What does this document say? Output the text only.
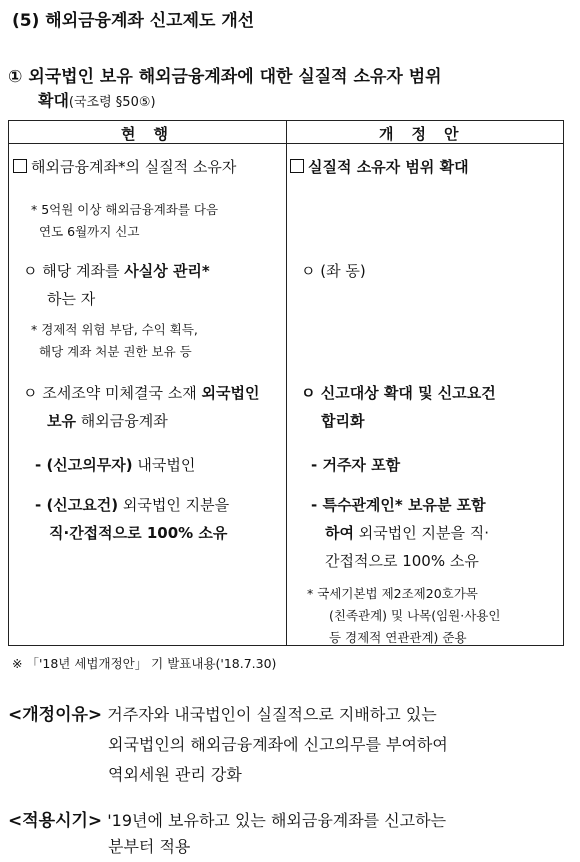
(5) 해외금융계좌 신고제도 개선
① 외국법인 보유 해외금융계좌에 대한 실질적 소유자 범위
확대(국조령 §50⑤)
현행	개정안
해외금융계좌*의 실질적 소유자
* 5억원 이상 해외금융계좌를 다음
연도 6월까지 신고
ㅇ 해당 계좌를 사실상 관리*
하는 자
* 경제적 위험 부담, 수익 획득,
해당 계좌 처분 권한 보유 등
ㅇ 조세조약 미체결국 소재 외국법인
보유 해외금융계좌
- (신고의무자) 내국법인
- (신고요건) 외국법인 지분을
직·간접적으로 100% 소유
실질적 소유자 범위 확대
ㅇ (좌 동)
ㅇ 신고대상 확대 및 신고요건
합리화
- 거주자 포함
- 특수관계인* 보유분 포함
하여 외국법인 지분을 직·
간접적으로 100% 소유
* 국세기본법 제2조제20호가목
(친족관계) 및 나목(임원·사용인
등 경제적 연관관계) 준용
※ 「'18년 세법개정안」 기 발표내용('18.7.30)
<개정이유> 거주자와 내국법인이 실질적으로 지배하고 있는
외국법인의 해외금융계좌에 신고의무를 부여하여
역외세원 관리 강화
<적용시기> '19년에 보유하고 있는 해외금융계좌를 신고하는
분부터 적용
